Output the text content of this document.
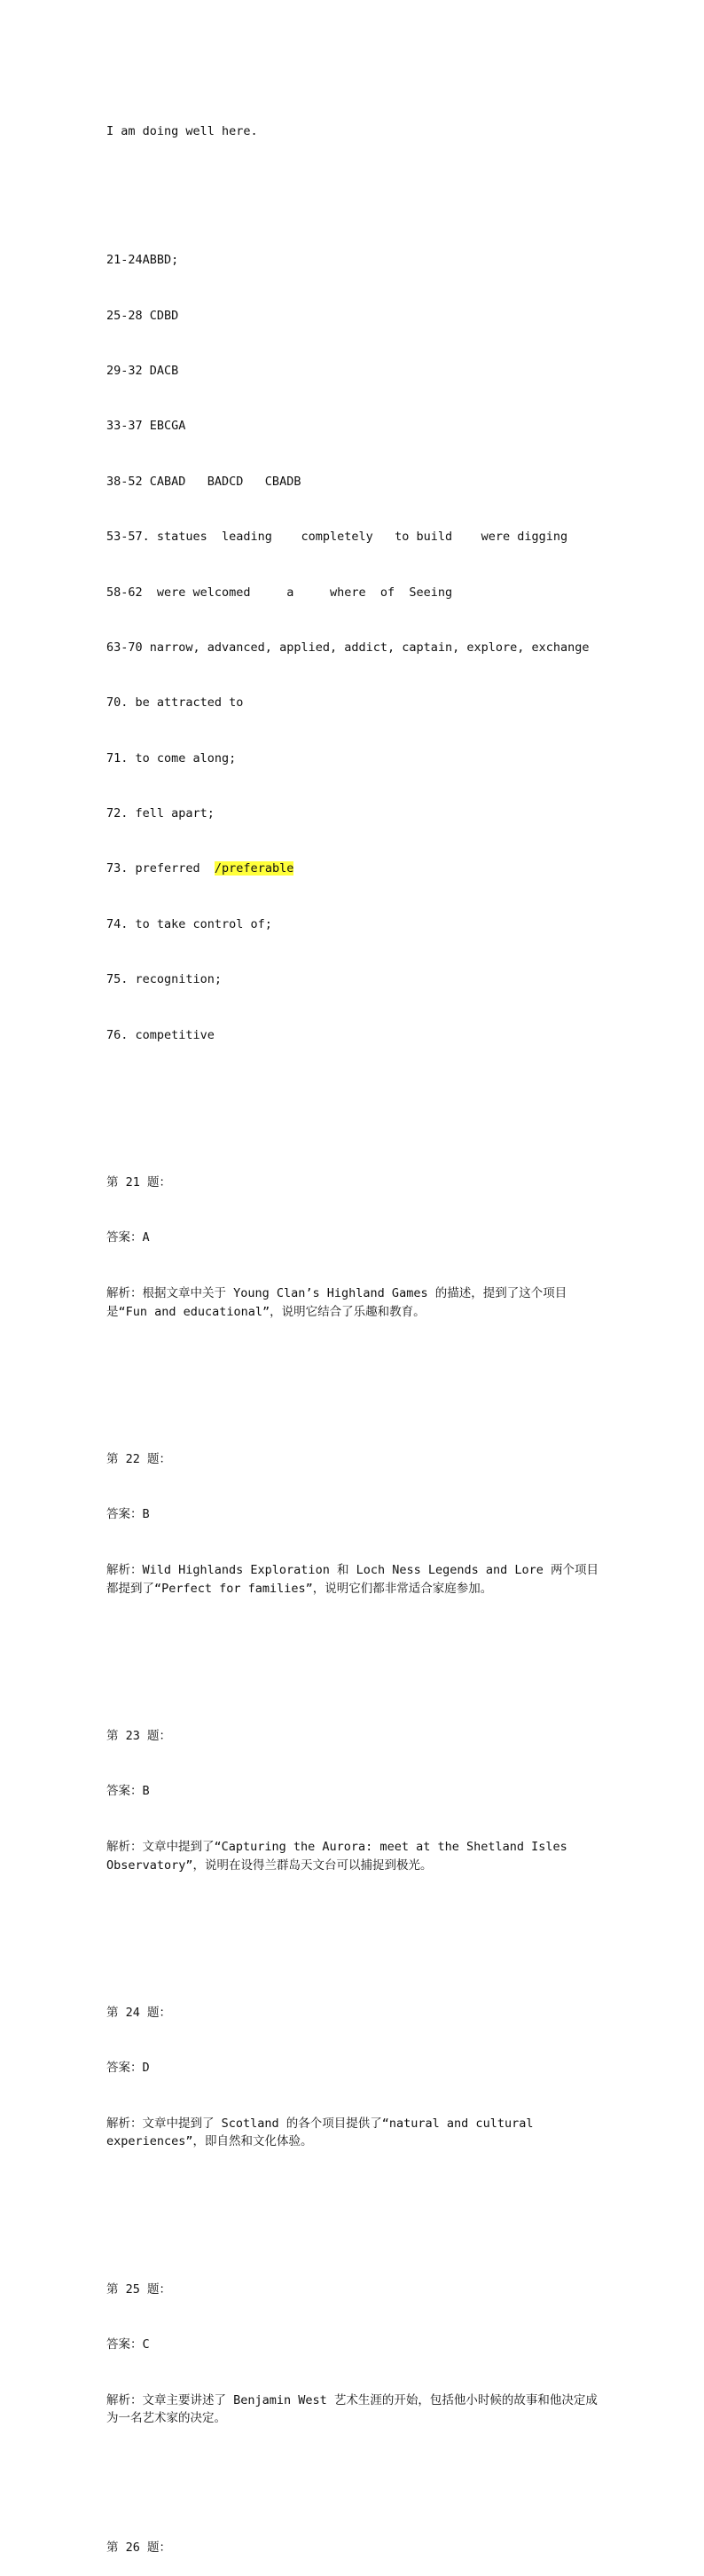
I am doing well here.

21-24ABBD;

25-28 CDBD

29-32 DACB

33-37 EBCGA

38-52 CABAD   BADCD   CBADB

53-57. statues  leading    completely   to build    were digging

58-62  were welcomed     a     where  of  Seeing

63-70 narrow, advanced, applied, addict, captain, explore, exchange

70. be attracted to

71. to come along;

72. fell apart;

73. preferred  /preferable

74. to take control of;

75. recognition;

76. competitive

第 21 题：

答案：A

解析：根据文章中关于 Young Clan’s Highland Games 的描述，提到了这个项目是“Fun and educational”，说明它结合了乐趣和教育。

第 22 题：

答案：B

解析：Wild Highlands Exploration 和 Loch Ness Legends and Lore 两个项目都提到了“Perfect for families”，说明它们都非常适合家庭参加。

第 23 题：

答案：B

解析：文章中提到了“Capturing the Aurora: meet at the Shetland Isles Observatory”，说明在设得兰群岛天文台可以捕捉到极光。

第 24 题：

答案：D

解析：文章中提到了 Scotland 的各个项目提供了“natural and cultural experiences”，即自然和文化体验。

第 25 题：

答案：C

解析：文章主要讲述了 Benjamin West 艺术生涯的开始，包括他小时候的故事和他决定成为一名艺术家的决定。

第 26 题：
